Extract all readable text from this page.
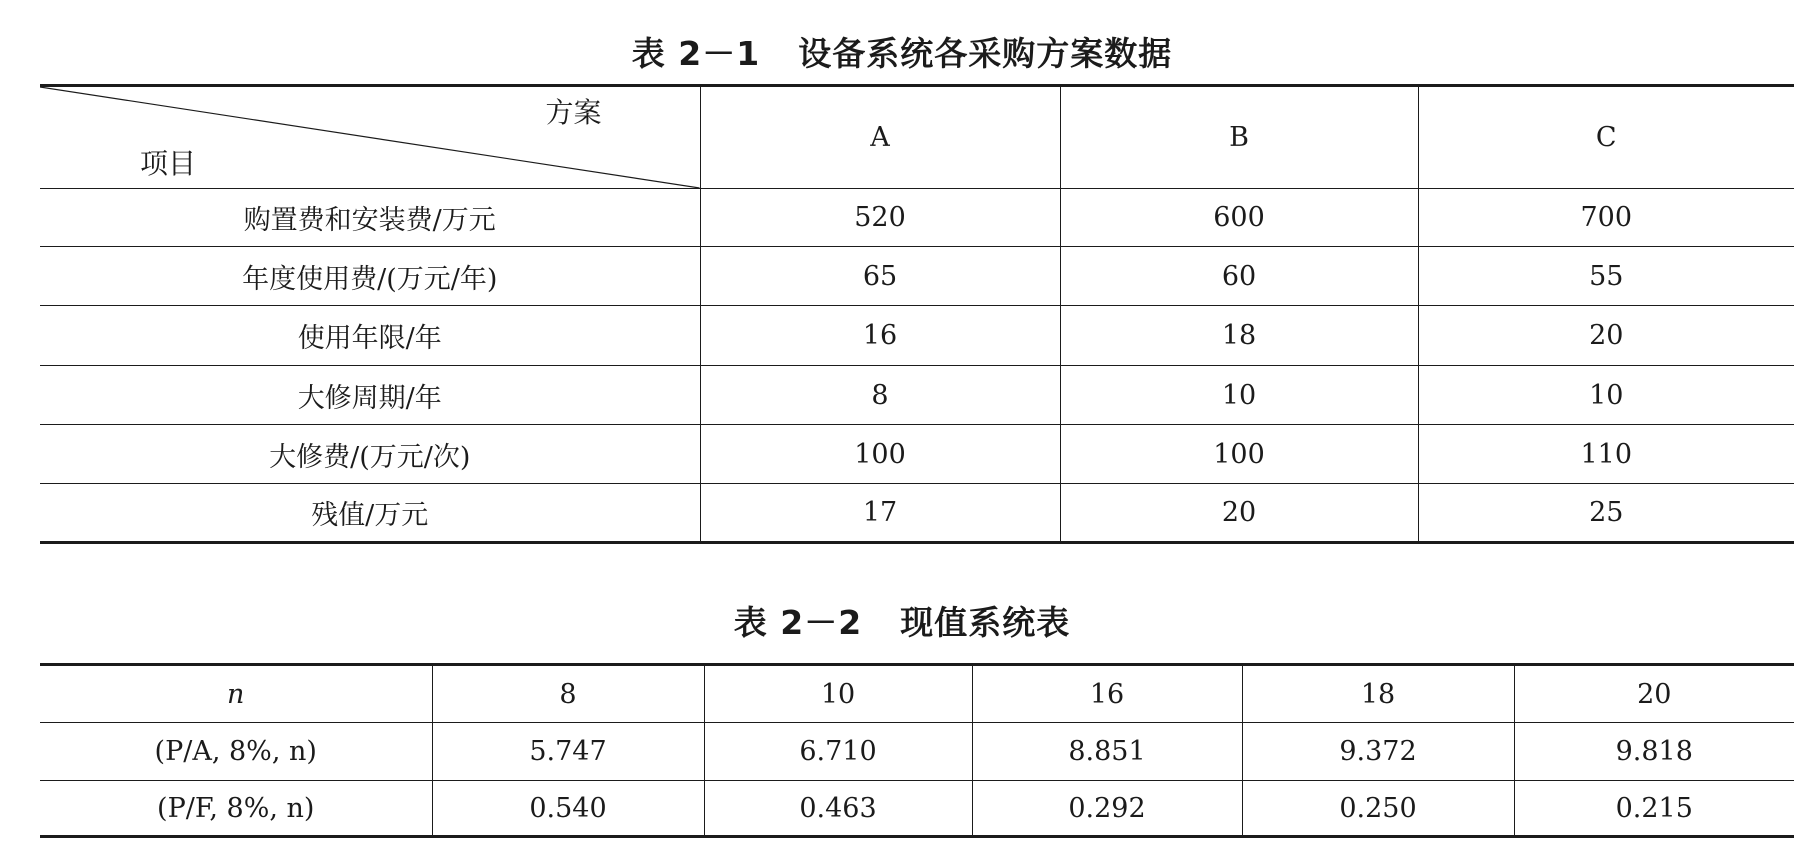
表 2－1 设备系统各采购方案数据
方案
项目	A	B	C
购置费和安装费/万元	520	600	700
年度使用费/(万元/年)	65	60	55
使用年限/年	16	18	20
大修周期/年	8	10	10
大修费/(万元/次)	100	100	110
残值/万元	17	20	25
表 2－2 现值系统表
n	8	10	16	18	20
(P/A, 8%, n)	5.747	6.710	8.851	9.372	9.818
(P/F, 8%, n)	0.540	0.463	0.292	0.250	0.215
